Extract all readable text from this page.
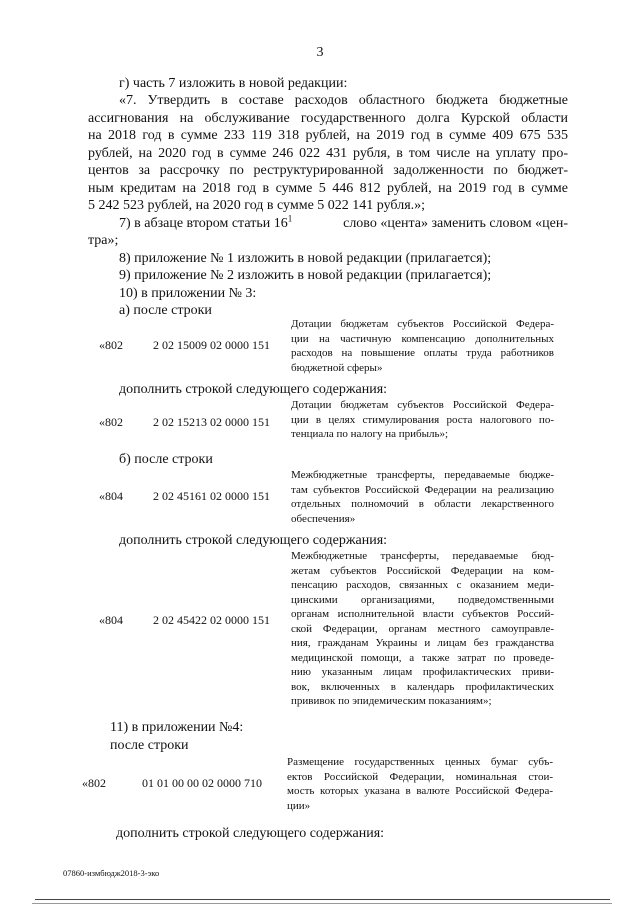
3
г) часть 7 изложить в новой редакции:
«7. Утвердить в составе расходов областного бюджета бюджетные
ассигнования на обслуживание государственного долга Курской области
на 2018 год в сумме 233 119 318 рублей, на 2019 год в сумме 409 675 535
рублей, на 2020 год в сумме 246 022 431 рубля, в том числе на уплату про-
центов за рассрочку по реструктурированной задолженности по бюджет-
ным кредитам на 2018 год в сумме 5 446 812 рублей, на 2019 год в сумме
5 242 523 рублей, на 2020 год в сумме 5 022 141 рубля.»;
7) в абзаце втором статьи $16^1$	слово «цента» заменить словом «цен-
тра»;
8) приложение № 1 изложить в новой редакции (прилагается);
9) приложение № 2 изложить в новой редакции (прилагается);
10) в приложении № 3:
а) после строки
«802	2 02 15009 02 0000 151
Дотации бюджетам субъектов Российской Федера-
ции на частичную компенсацию дополнительных
расходов на повышение оплаты труда работников
бюджетной сферы»
дополнить строкой следующего содержания:
«802	2 02 15213 02 0000 151
Дотации бюджетам субъектов Российской Федера-
ции в целях стимулирования роста налогового по-
тенциала по налогу на прибыль»;
б) после строки
«804	2 02 45161 02 0000 151
Межбюджетные трансферты, передаваемые бюдже-
там субъектов Российской Федерации на реализацию
отдельных полномочий в области лекарственного
обеспечения»
дополнить строкой следующего содержания:
«804	2 02 45422 02 0000 151
Межбюджетные трансферты, передаваемые бюд-
жетам субъектов Российской Федерации на ком-
пенсацию расходов, связанных с оказанием меди-
цинскими организациями, подведомственными
органам исполнительной власти субъектов Россий-
ской Федерации, органам местного самоуправле-
ния, гражданам Украины и лицам без гражданства
медицинской помощи, а также затрат по проведе-
нию указанным лицам профилактических приви-
вок, включенных в календарь профилактических
прививок по эпидемическим показаниям»;
11) в приложении №4:
после строки
«802	01 01 00 00 02 0000 710
Размещение государственных ценных бумаг субъ-
ектов Российской Федерации, номинальная стои-
мость которых указана в валюте Российской Федера-
ции»
дополнить строкой следующего содержания:
07860-измбюдж2018-3-эко
